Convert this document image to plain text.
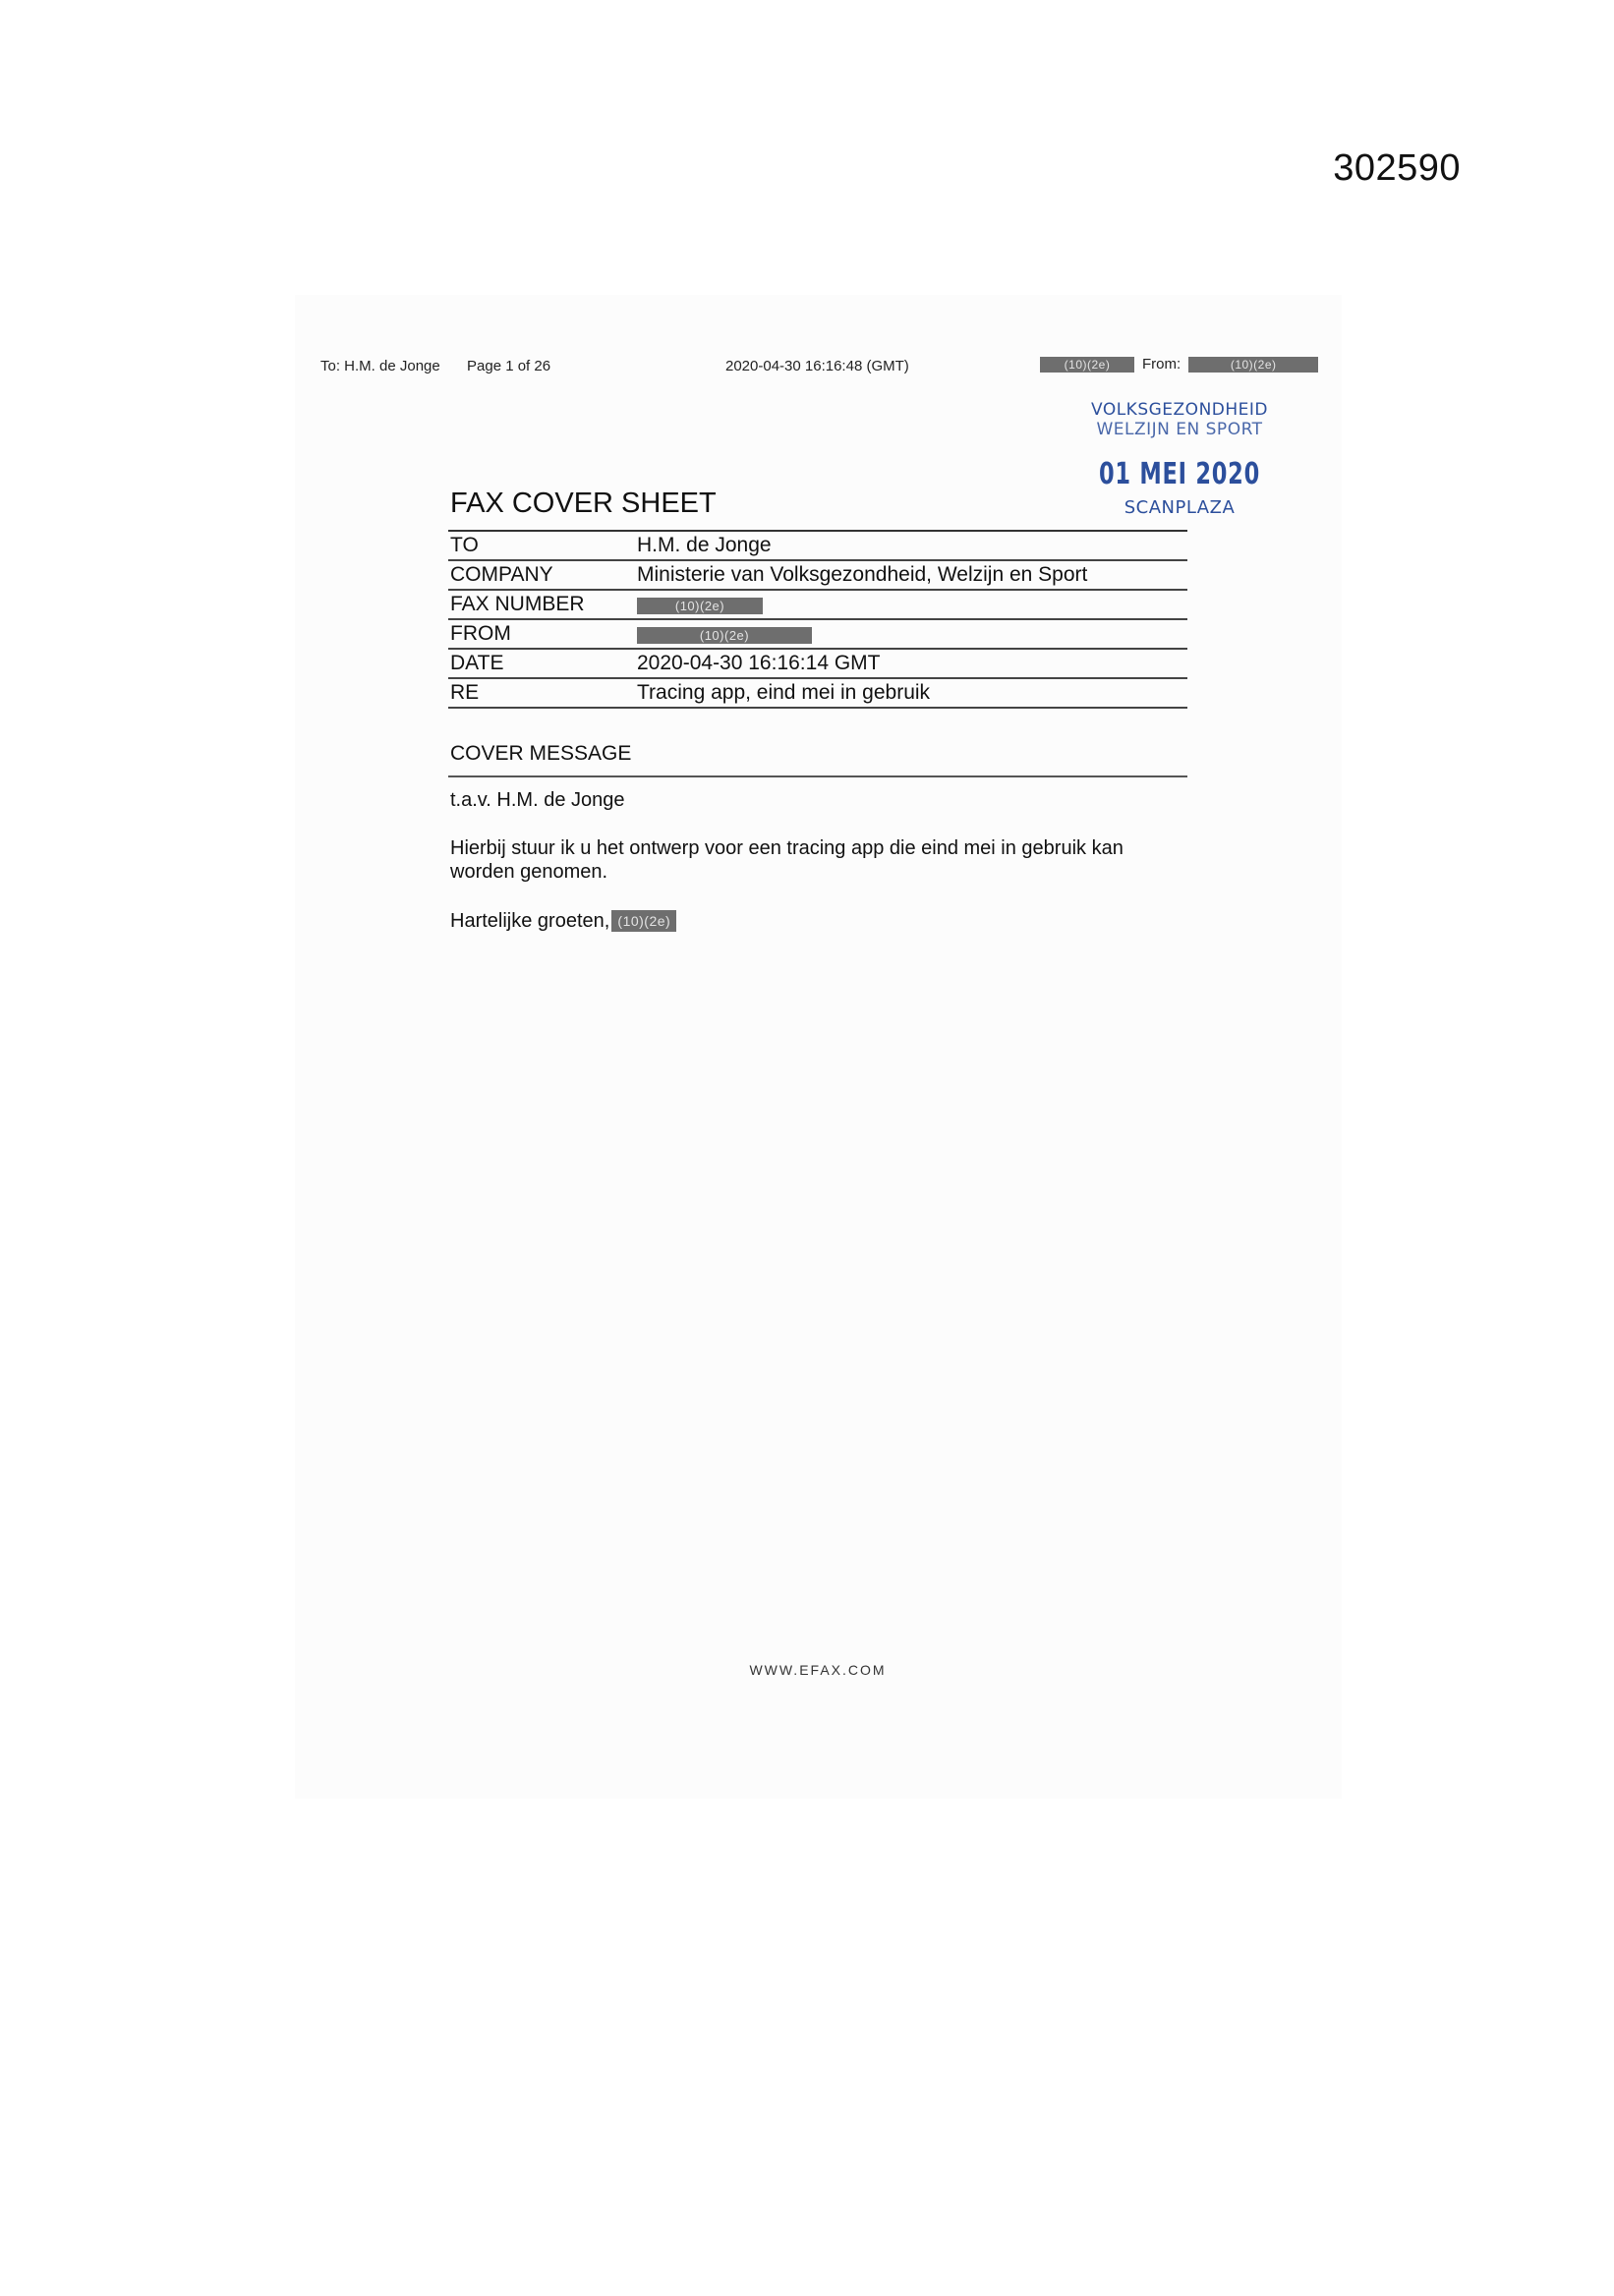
302590
To: H.M. de Jonge Page 1 of 26	2020-04-30 16:16:48 (GMT)	(10)(2e)	From:	(10)(2e)
VOLKSGEZONDHEID
WELZIJN EN SPORT
01 MEI 2020
SCANPLAZA
FAX COVER SHEET
TO	H.M. de Jonge
COMPANY	Ministerie van Volksgezondheid, Welzijn en Sport
FAX NUMBER	(10)(2e)
FROM	(10)(2e)
DATE	2020-04-30 16:16:14 GMT
RE	Tracing app, eind mei in gebruik
COVER MESSAGE
t.a.v. H.M. de Jonge
Hierbij stuur ik u het ontwerp voor een tracing app die eind mei in gebruik kan worden genomen.
Hartelijke groeten, (10)(2e)
WWW.EFAX.COM
